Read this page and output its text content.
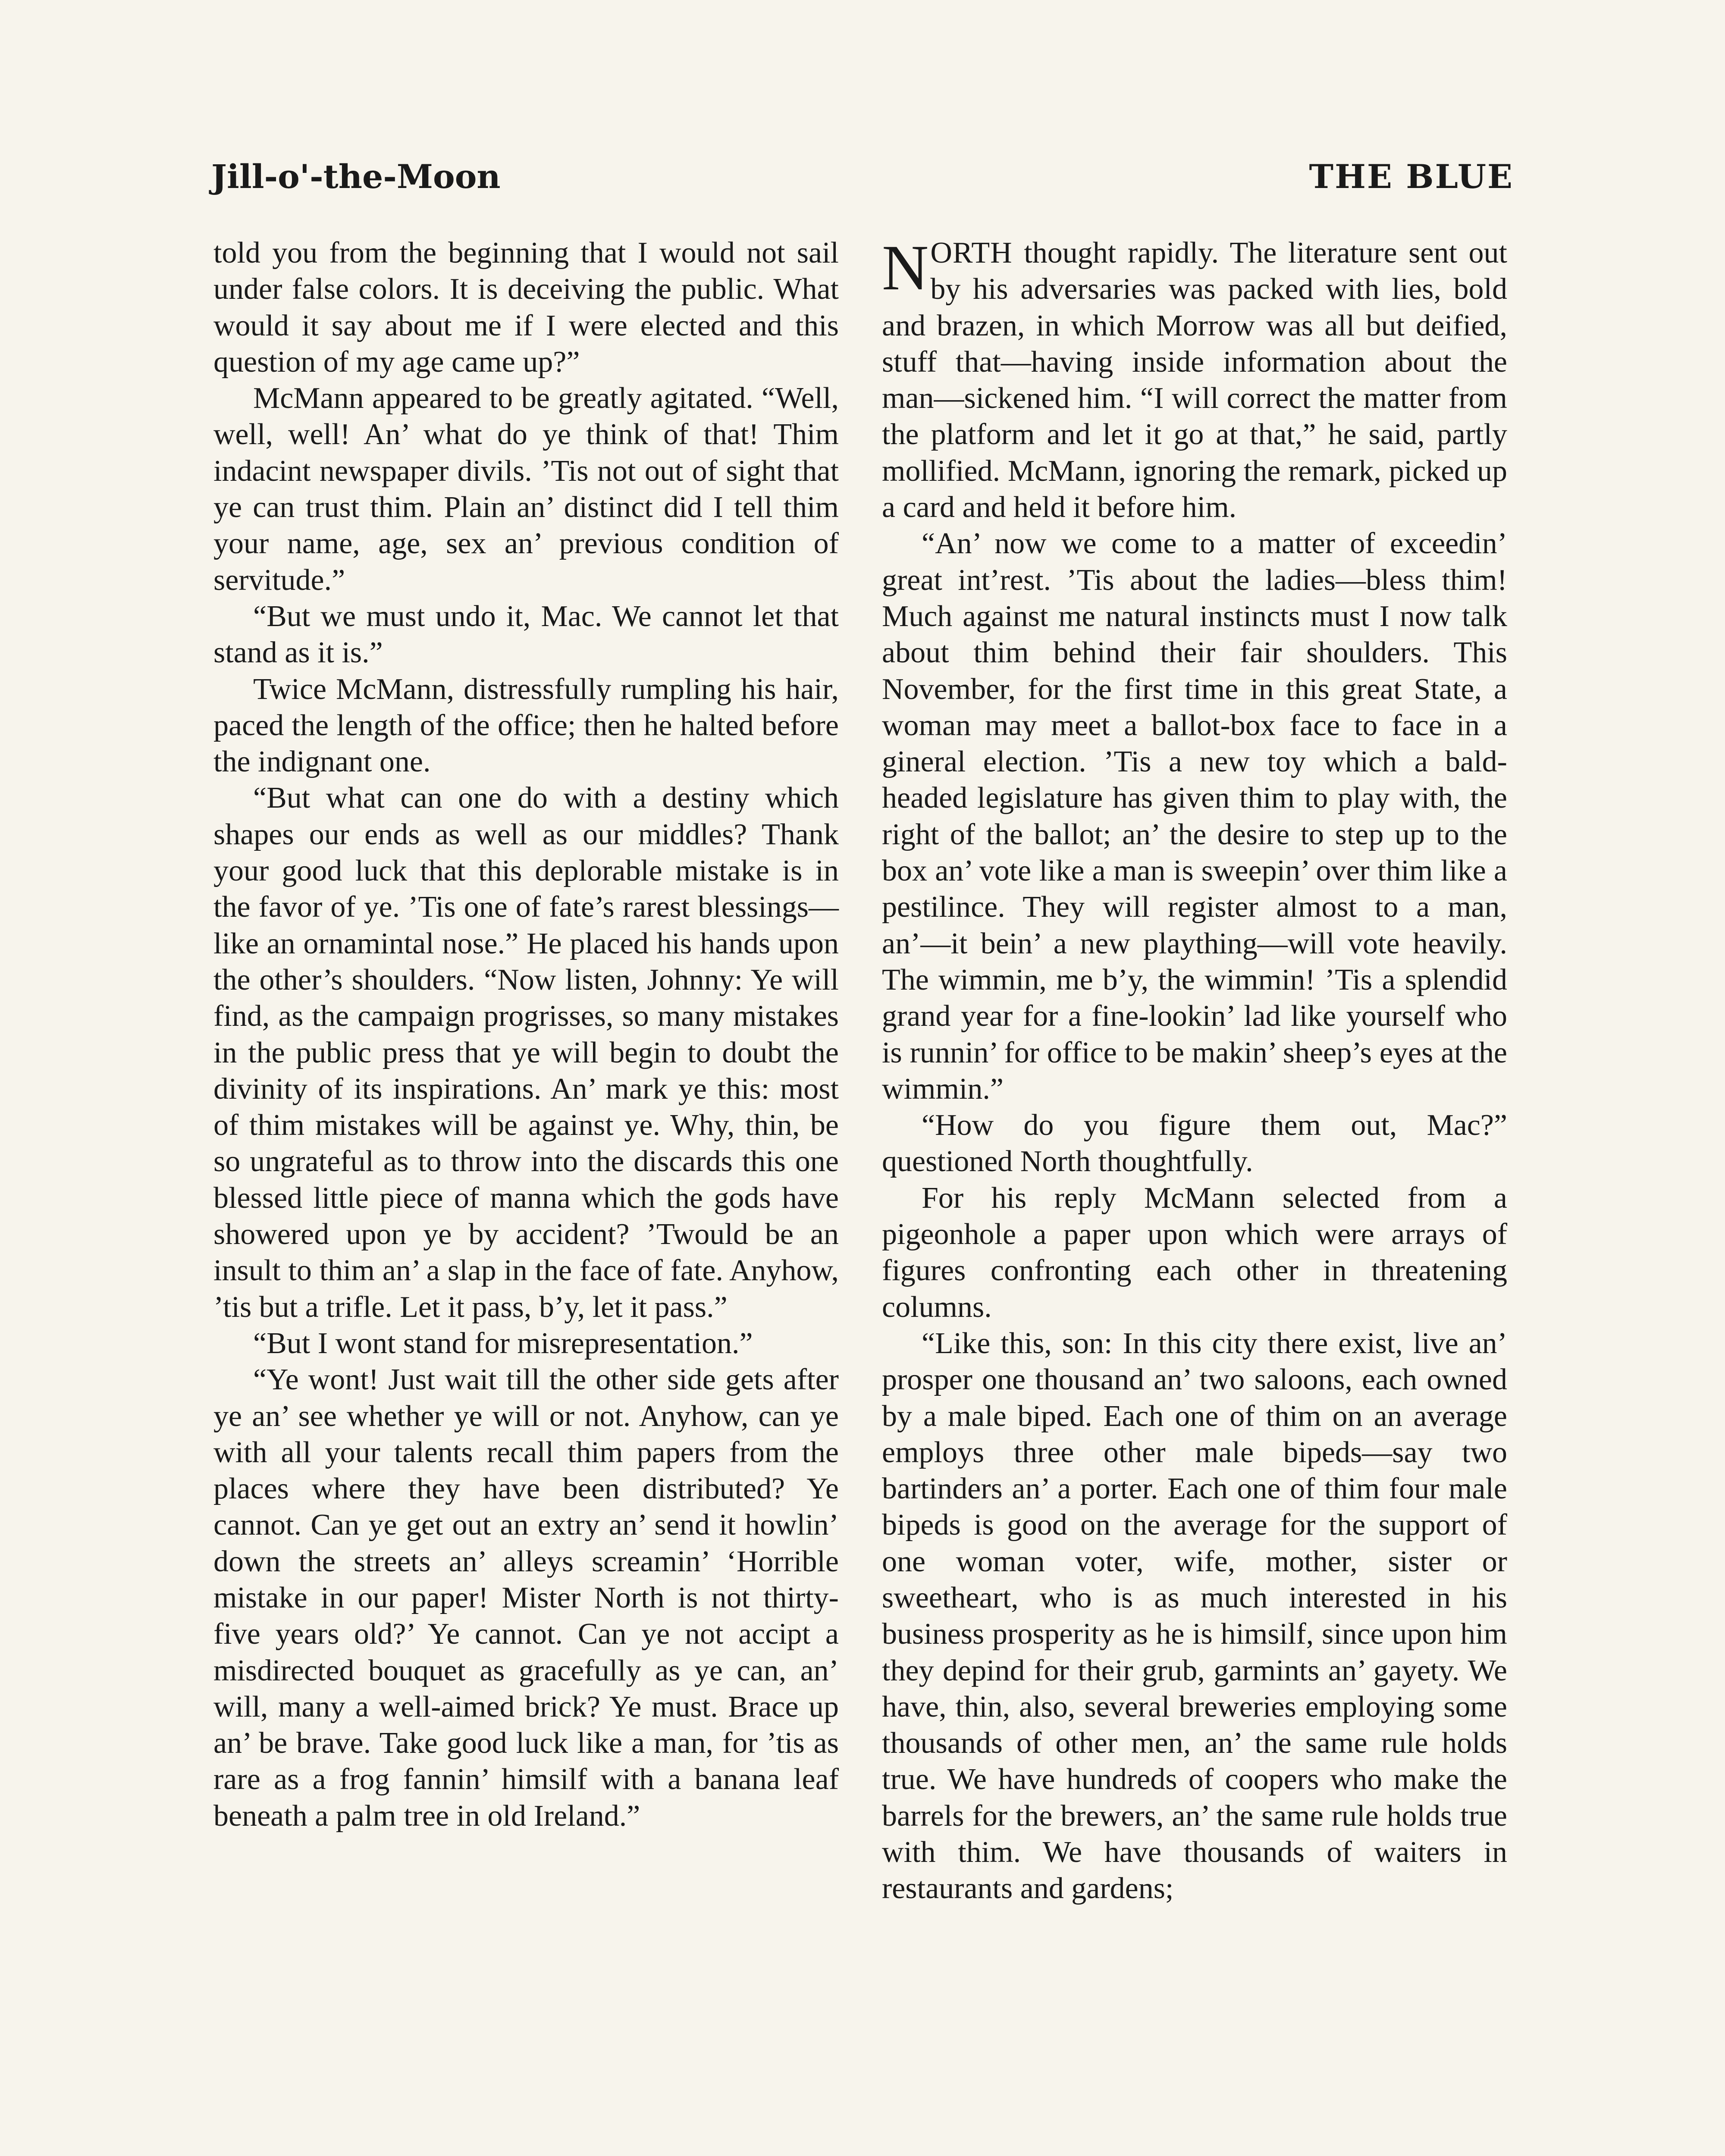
Jill-o'-the-Moon	THE BLUE

told you from the beginning that I would not sail under false colors. It is deceiving the public. What would it say about me if I were elected and this question of my age came up?”

McMann appeared to be greatly agitated. “Well, well, well! An’ what do ye think of that! Thim indacint newspaper divils. ’Tis not out of sight that ye can trust thim. Plain an’ distinct did I tell thim your name, age, sex an’ previous condition of servitude.”

“But we must undo it, Mac. We cannot let that stand as it is.”

Twice McMann, distressfully rumpling his hair, paced the length of the office; then he halted before the indignant one.

“But what can one do with a destiny which shapes our ends as well as our middles? Thank your good luck that this deplorable mistake is in the favor of ye. ’Tis one of fate’s rarest blessings—like an ornamintal nose.” He placed his hands upon the other’s shoulders. “Now listen, Johnny: Ye will find, as the campaign progrisses, so many mistakes in the public press that ye will begin to doubt the divinity of its inspirations. An’ mark ye this: most of thim mistakes will be against ye. Why, thin, be so ungrateful as to throw into the discards this one blessed little piece of manna which the gods have showered upon ye by accident? ’Twould be an insult to thim an’ a slap in the face of fate. Anyhow, ’tis but a trifle. Let it pass, b’y, let it pass.”

“But I wont stand for misrepresentation.”

“Ye wont! Just wait till the other side gets after ye an’ see whether ye will or not. Anyhow, can ye with all your talents recall thim papers from the places where they have been distributed? Ye cannot. Can ye get out an extry an’ send it howlin’ down the streets an’ alleys screamin’ ‘Horrible mistake in our paper! Mister North is not thirty-five years old?’ Ye cannot. Can ye not accipt a misdirected bouquet as gracefully as ye can, an’ will, many a well-aimed brick? Ye must. Brace up an’ be brave. Take good luck like a man, for ’tis as rare as a frog fannin’ himsilf with a banana leaf beneath a palm tree in old Ireland.”

NORTH thought rapidly. The literature sent out by his adversaries was packed with lies, bold and brazen, in which Morrow was all but deified, stuff that—having inside information about the man—sickened him. “I will correct the matter from the platform and let it go at that,” he said, partly mollified. McMann, ignoring the remark, picked up a card and held it before him.

“An’ now we come to a matter of exceedin’ great int’rest. ’Tis about the ladies—bless thim! Much against me natural instincts must I now talk about thim behind their fair shoulders. This November, for the first time in this great State, a woman may meet a ballot-box face to face in a gineral election. ’Tis a new toy which a bald-headed legislature has given thim to play with, the right of the ballot; an’ the desire to step up to the box an’ vote like a man is sweepin’ over thim like a pestilince. They will register almost to a man, an’—it bein’ a new plaything—will vote heavily. The wimmin, me b’y, the wimmin! ’Tis a splendid grand year for a fine-lookin’ lad like yourself who is runnin’ for office to be makin’ sheep’s eyes at the wimmin.”

“How do you figure them out, Mac?” questioned North thoughtfully.

For his reply McMann selected from a pigeonhole a paper upon which were arrays of figures confronting each other in threatening columns.

“Like this, son: In this city there exist, live an’ prosper one thousand an’ two saloons, each owned by a male biped. Each one of thim on an average employs three other male bipeds—say two bartinders an’ a porter. Each one of thim four male bipeds is good on the average for the support of one woman voter, wife, mother, sister or sweetheart, who is as much interested in his business prosperity as he is himsilf, since upon him they depind for their grub, garmints an’ gayety. We have, thin, also, several breweries employing some thousands of other men, an’ the same rule holds true. We have hundreds of coopers who make the barrels for the brewers, an’ the same rule holds true with thim. We have thousands of waiters in restaurants and gardens;
